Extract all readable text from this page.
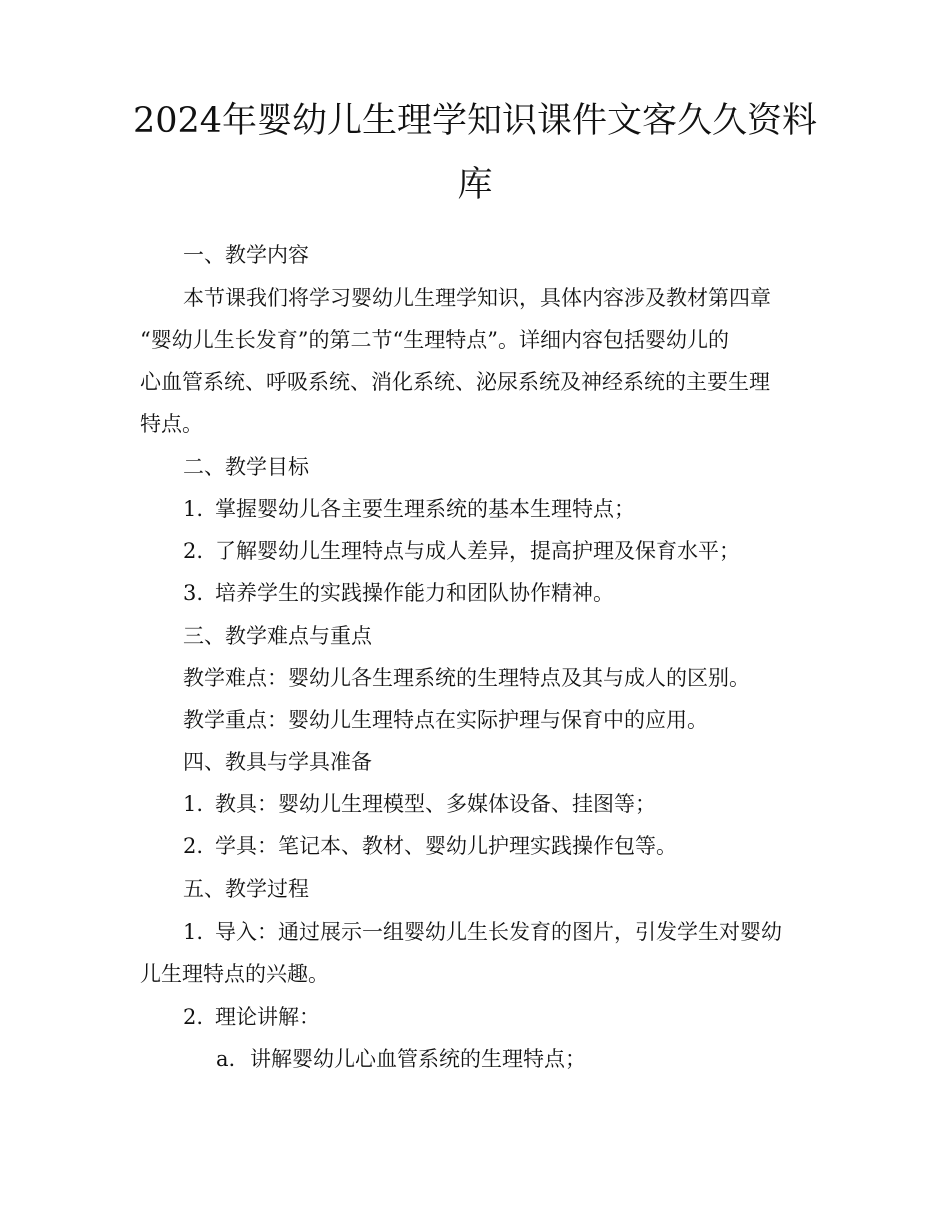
2024年婴幼儿生理学知识课件文客久久资料
库

一、教学内容

本节课我们将学习婴幼儿生理学知识，具体内容涉及教材第四章

“婴幼儿生长发育”的第二节“生理特点”。详细内容包括婴幼儿的

心血管系统、呼吸系统、消化系统、泌尿系统及神经系统的主要生理

特点。

二、教学目标

1. 掌握婴幼儿各主要生理系统的基本生理特点；

2. 了解婴幼儿生理特点与成人差异，提高护理及保育水平；

3. 培养学生的实践操作能力和团队协作精神。

三、教学难点与重点

教学难点：婴幼儿各生理系统的生理特点及其与成人的区别。

教学重点：婴幼儿生理特点在实际护理与保育中的应用。

四、教具与学具准备

1. 教具：婴幼儿生理模型、多媒体设备、挂图等；

2. 学具：笔记本、教材、婴幼儿护理实践操作包等。

五、教学过程

1. 导入：通过展示一组婴幼儿生长发育的图片，引发学生对婴幼

儿生理特点的兴趣。

2. 理论讲解：

a. 讲解婴幼儿心血管系统的生理特点；
